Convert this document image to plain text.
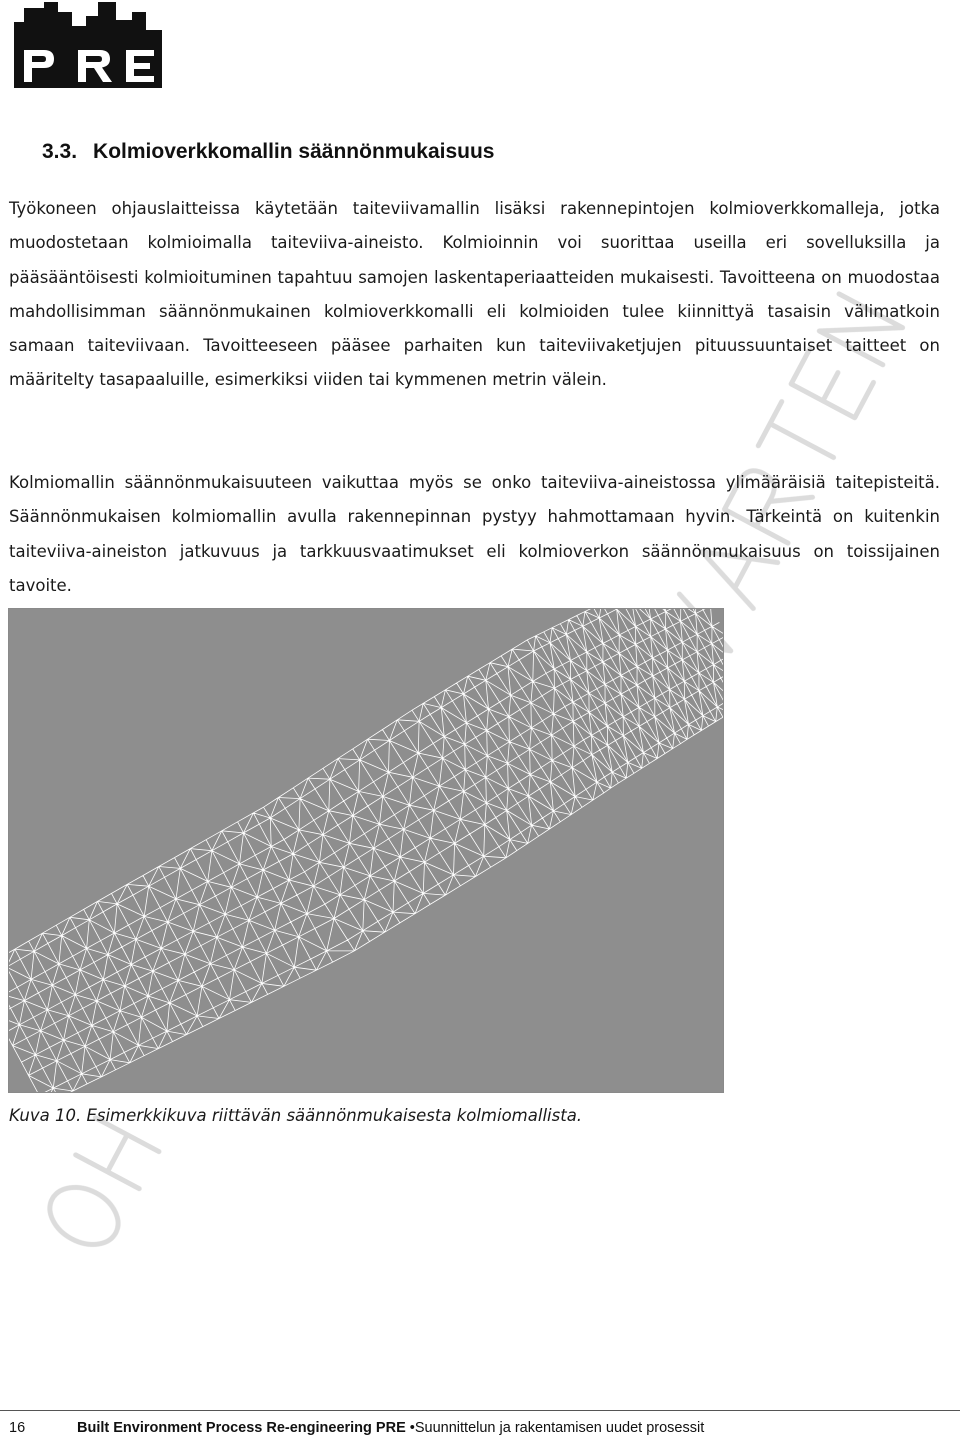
3.3. Kolmioverkkomallin säännönmukaisuus

Työkoneen ohjauslaitteissa käytetään taiteviivamallin lisäksi rakennepintojen kolmioverkkomalleja, jotka muodostetaan kolmioimalla taiteviiva-aineisto. Kolmioinnin voi suorittaa useilla eri sovelluksilla ja pääsääntöisesti kolmioituminen tapahtuu samojen laskentaperiaatteiden mukaisesti. Tavoitteena on muodostaa mahdollisimman säännönmukainen kolmioverkkomalli eli kolmioiden tulee kiinnittyä tasaisin välimatkoin samaan taiteviivaan. Tavoitteeseen pääsee parhaiten kun taiteviivaketjujen pituussuuntaiset taitteet on määritelty tasapaaluille, esimerkiksi viiden tai kymmenen metrin välein.

Kolmiomallin säännönmukaisuuteen vaikuttaa myös se onko taiteviiva-aineistossa ylimääräisiä taitepisteitä. Säännönmukaisen kolmiomallin avulla rakennepinnan pystyy hahmottamaan hyvin. Tärkeintä on kuitenkin taiteviiva-aineiston jatkuvuus ja tarkkuusvaatimukset eli kolmioverkon säännönmukaisuus on toissijainen tavoite.

Kuva 10. Esimerkkikuva riittävän säännönmukaisesta kolmiomallista.

16	Built Environment Process Re-engineering PRE •Suunnittelun ja rakentamisen uudet prosessit
